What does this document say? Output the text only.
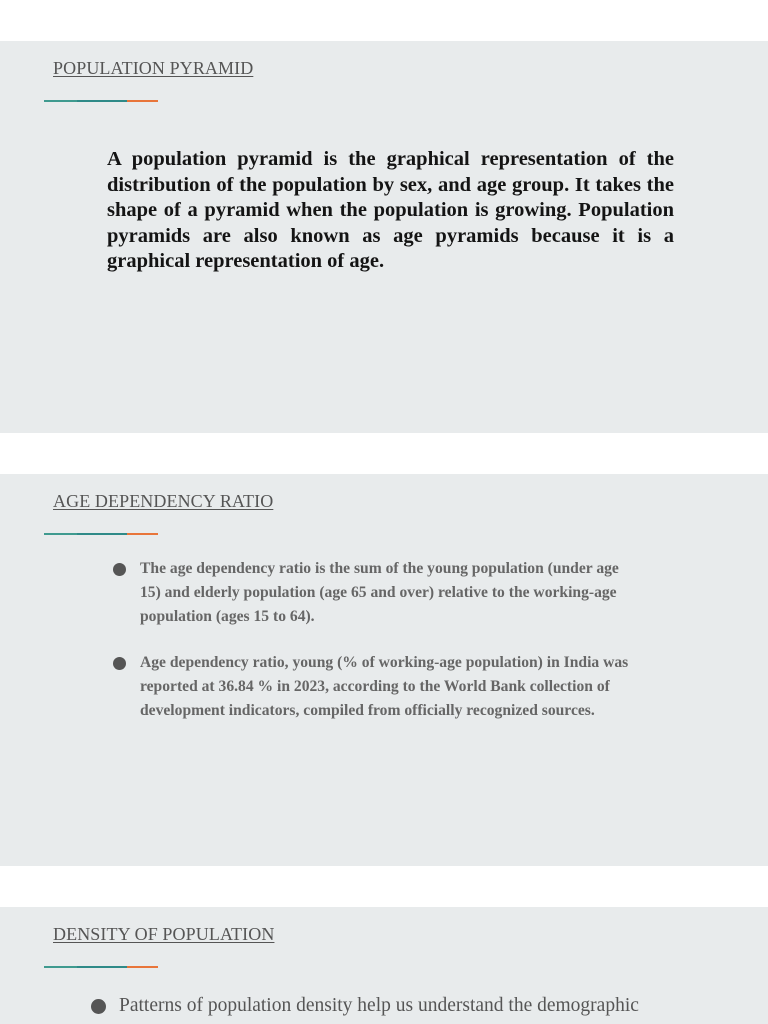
POPULATION PYRAMID

A population pyramid is the graphical representation of the distribution of the population by sex, and age group. It takes the shape of a pyramid when the population is growing. Population pyramids are also known as age pyramids because it is a graphical representation of age.

AGE DEPENDENCY RATIO
The age dependency ratio is the sum of the young population (under age 15) and elderly population (age 65 and over) relative to the working-age population (ages 15 to 64).
Age dependency ratio, young (% of working-age population) in India was reported at 36.84 % in 2023, according to the World Bank collection of development indicators, compiled from officially recognized sources.
DENSITY OF POPULATION
Patterns of population density help us understand the demographic
